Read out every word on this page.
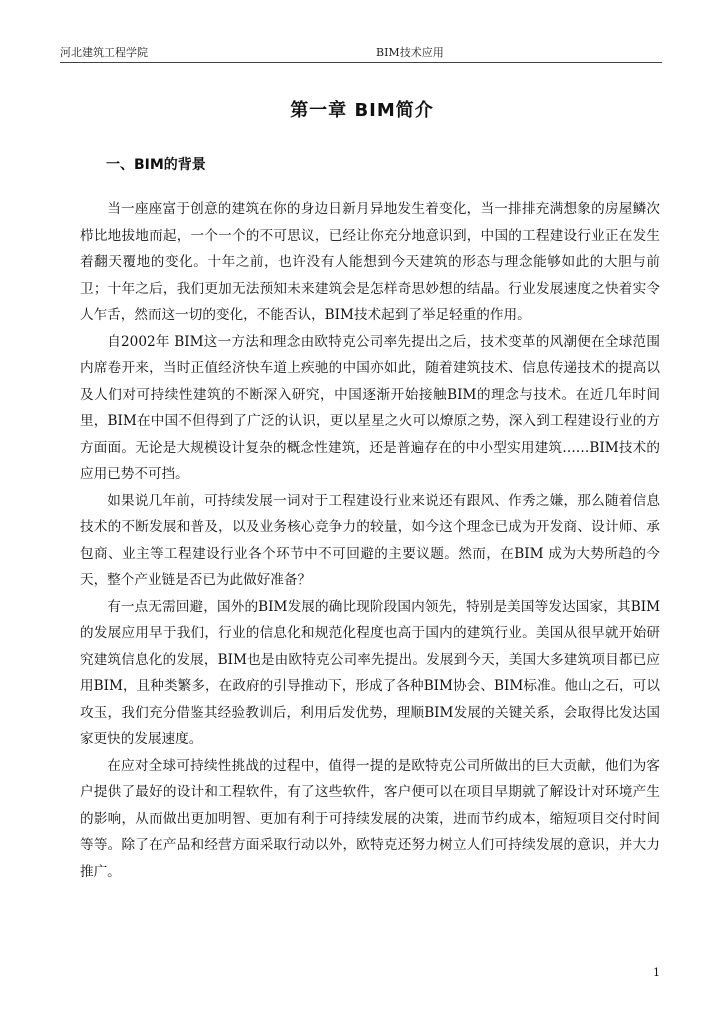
河北建筑工程学院	BIM技术应用
第一章 BIM简介
一、BIM的背景

当一座座富于创意的建筑在你的身边日新月异地发生着变化，当一排排充满想象的房屋鳞次栉比地拔地而起，一个一个的不可思议，已经让你充分地意识到，中国的工程建设行业正在发生着翻天覆地的变化。十年之前，也许没有人能想到今天建筑的形态与理念能够如此的大胆与前卫；十年之后，我们更加无法预知未来建筑会是怎样奇思妙想的结晶。行业发展速度之快着实令人乍舌，然而这一切的变化，不能否认，BIM技术起到了举足轻重的作用。

自2002年 BIM这一方法和理念由欧特克公司率先提出之后，技术变革的风潮便在全球范围内席卷开来，当时正值经济快车道上疾驰的中国亦如此，随着建筑技术、信息传递技术的提高以及人们对可持续性建筑的不断深入研究，中国逐渐开始接触BIM的理念与技术。在近几年时间里，BIM在中国不但得到了广泛的认识，更以星星之火可以燎原之势，深入到工程建设行业的方方面面。无论是大规模设计复杂的概念性建筑，还是普遍存在的中小型实用建筑……BIM技术的应用已势不可挡。

如果说几年前，可持续发展一词对于工程建设行业来说还有跟风、作秀之嫌，那么随着信息技术的不断发展和普及，以及业务核心竞争力的较量，如今这个理念已成为开发商、设计师、承包商、业主等工程建设行业各个环节中不可回避的主要议题。然而，在BIM 成为大势所趋的今天，整个产业链是否已为此做好准备？

有一点无需回避，国外的BIM发展的确比现阶段国内领先，特别是美国等发达国家，其BIM的发展应用早于我们，行业的信息化和规范化程度也高于国内的建筑行业。美国从很早就开始研究建筑信息化的发展，BIM也是由欧特克公司率先提出。发展到今天，美国大多建筑项目都已应用BIM，且种类繁多，在政府的引导推动下，形成了各种BIM协会、BIM标准。他山之石，可以攻玉，我们充分借鉴其经验教训后，利用后发优势，理顺BIM发展的关键关系，会取得比发达国家更快的发展速度。

在应对全球可持续性挑战的过程中，值得一提的是欧特克公司所做出的巨大贡献，他们为客户提供了最好的设计和工程软件，有了这些软件，客户便可以在项目早期就了解设计对环境产生的影响，从而做出更加明智、更加有利于可持续发展的决策，进而节约成本，缩短项目交付时间等等。除了在产品和经营方面采取行动以外，欧特克还努力树立人们可持续发展的意识，并大力推广。

1
